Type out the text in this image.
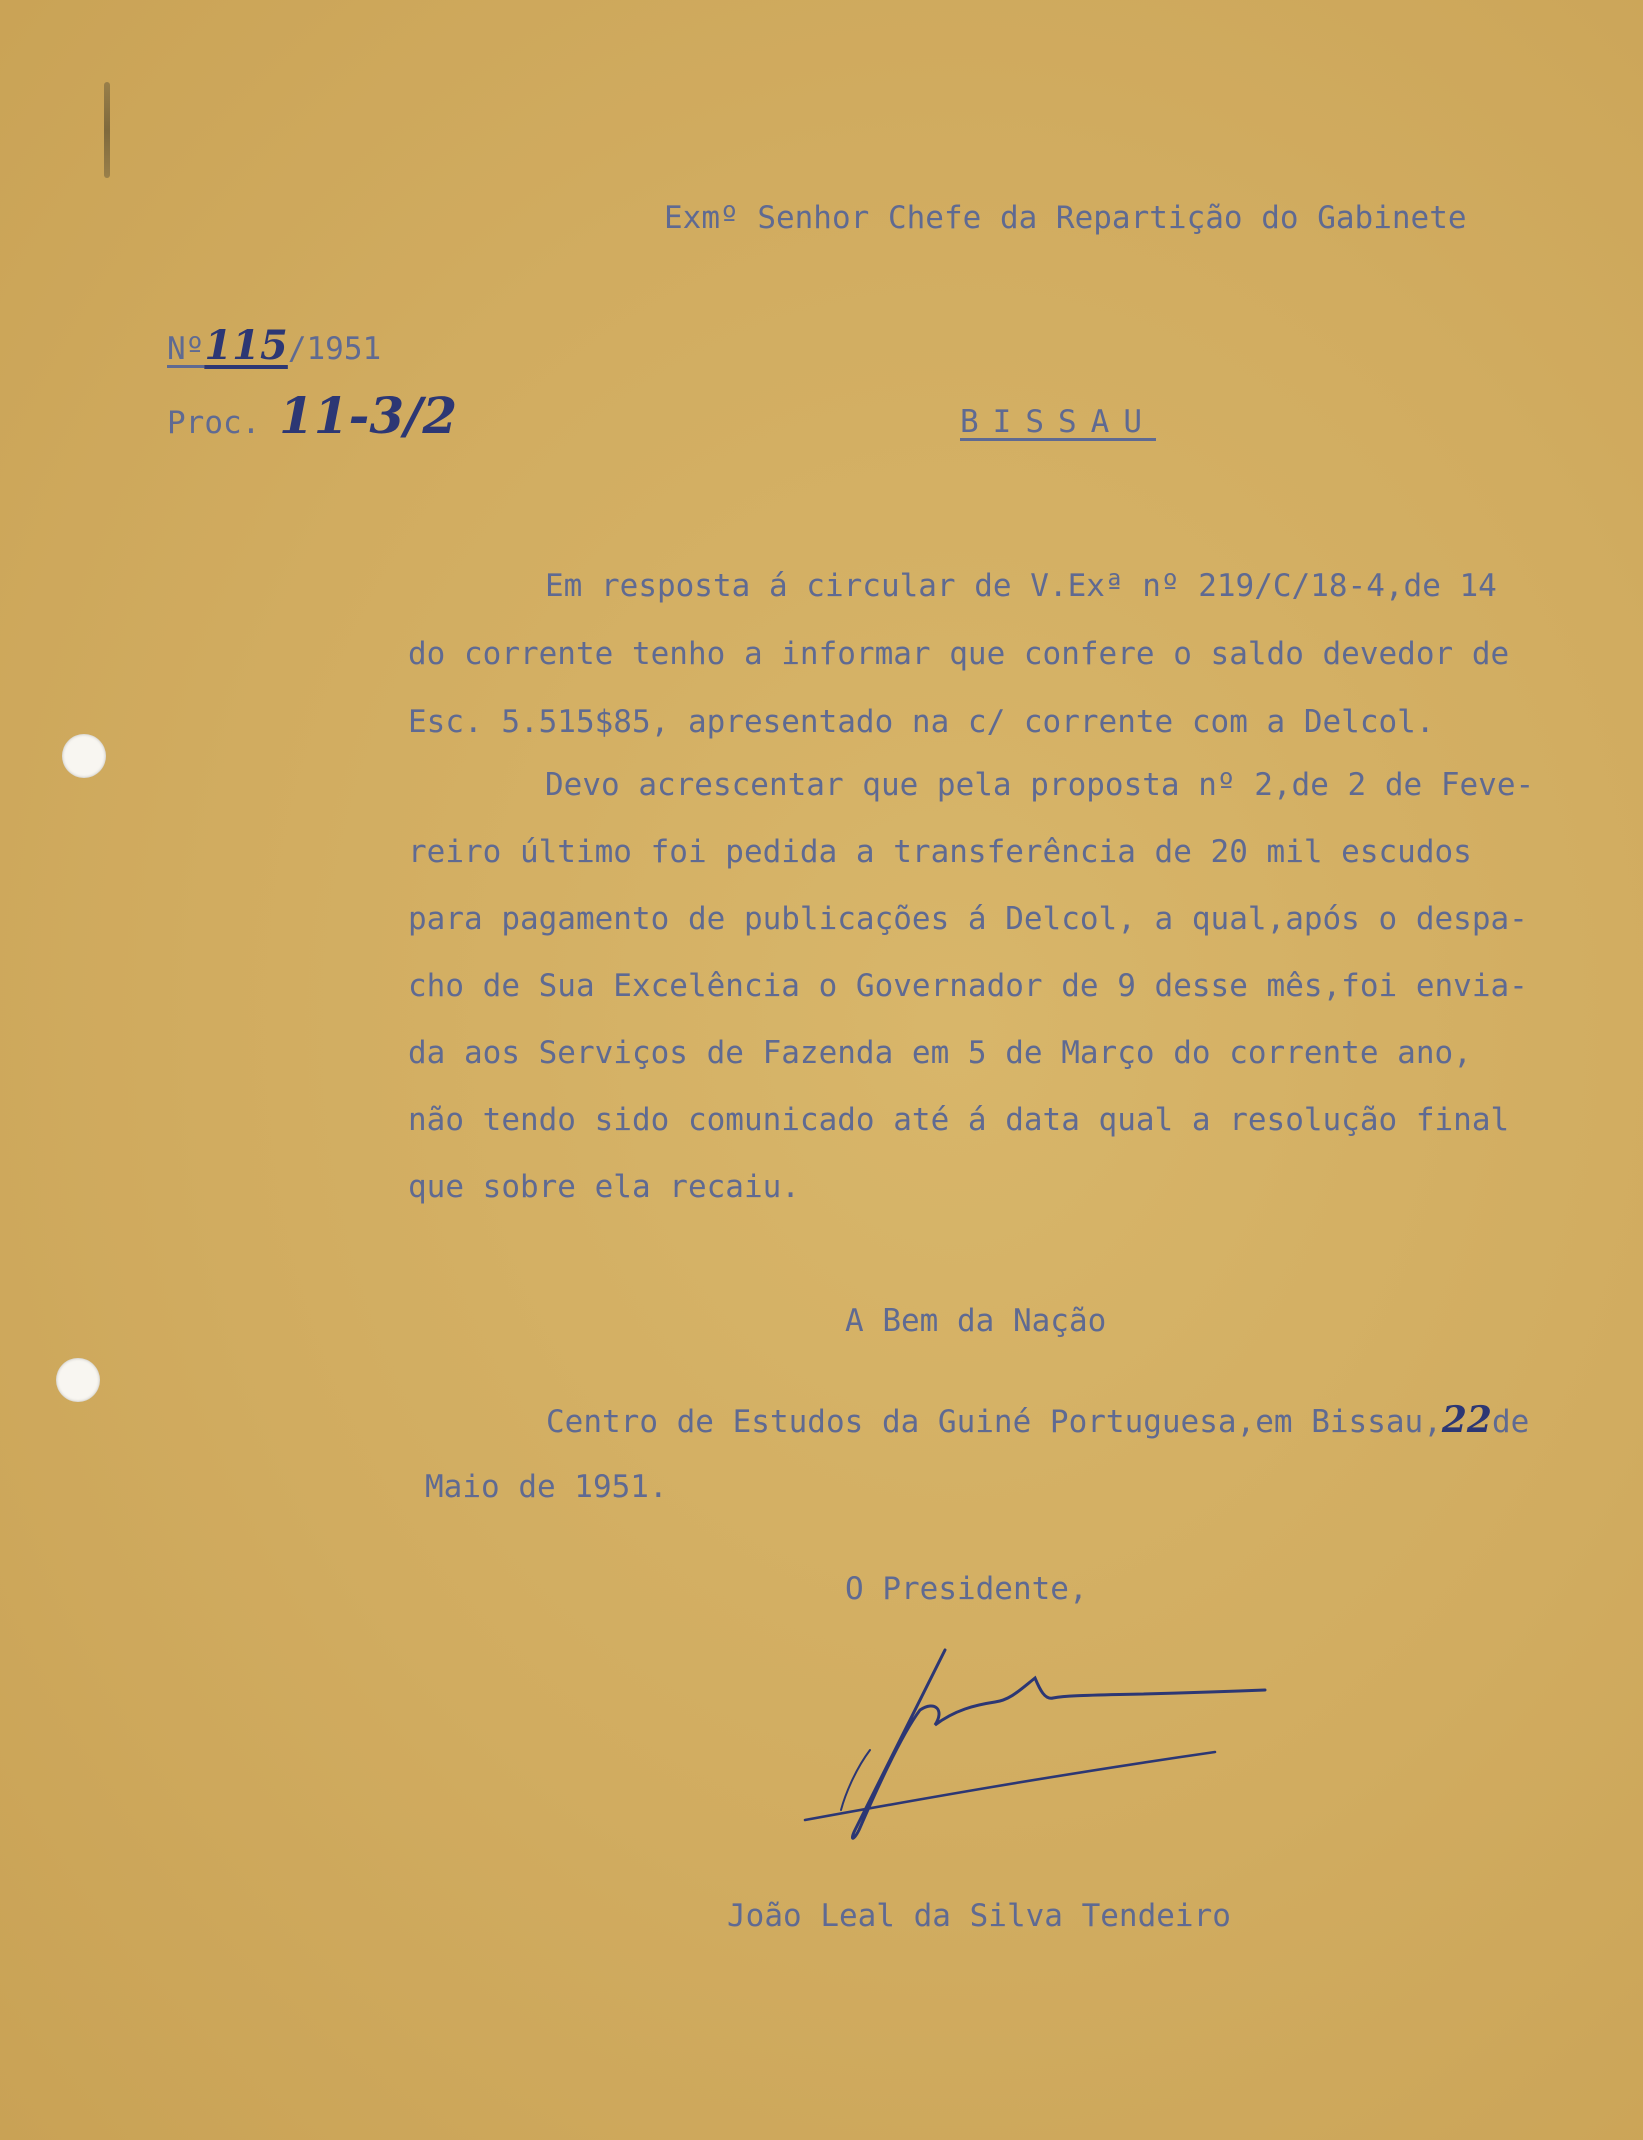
Exmº Senhor Chefe da Repartição do Gabinete
Nº115/1951
Proc. 11-3/2	BISSAU
Em resposta á circular de V.Exª nº 219/C/18-4,de 14
do corrente tenho a informar que confere o saldo devedor de
Esc. 5.515$85, apresentado na c/ corrente com a Delcol.
Devo acrescentar que pela proposta nº 2,de 2 de Feve-
reiro último foi pedida a transferência de 20 mil escudos
para pagamento de publicações á Delcol, a qual,após o despa-
cho de Sua Excelência o Governador de 9 desse mês,foi envia-
da aos Serviços de Fazenda em 5 de Março do corrente ano,
não tendo sido comunicado até á data qual a resolução final
que sobre ela recaiu.
A Bem da Nação
Centro de Estudos da Guiné Portuguesa,em Bissau,22de
Maio de 1951.
O Presidente,
João Leal da Silva Tendeiro
